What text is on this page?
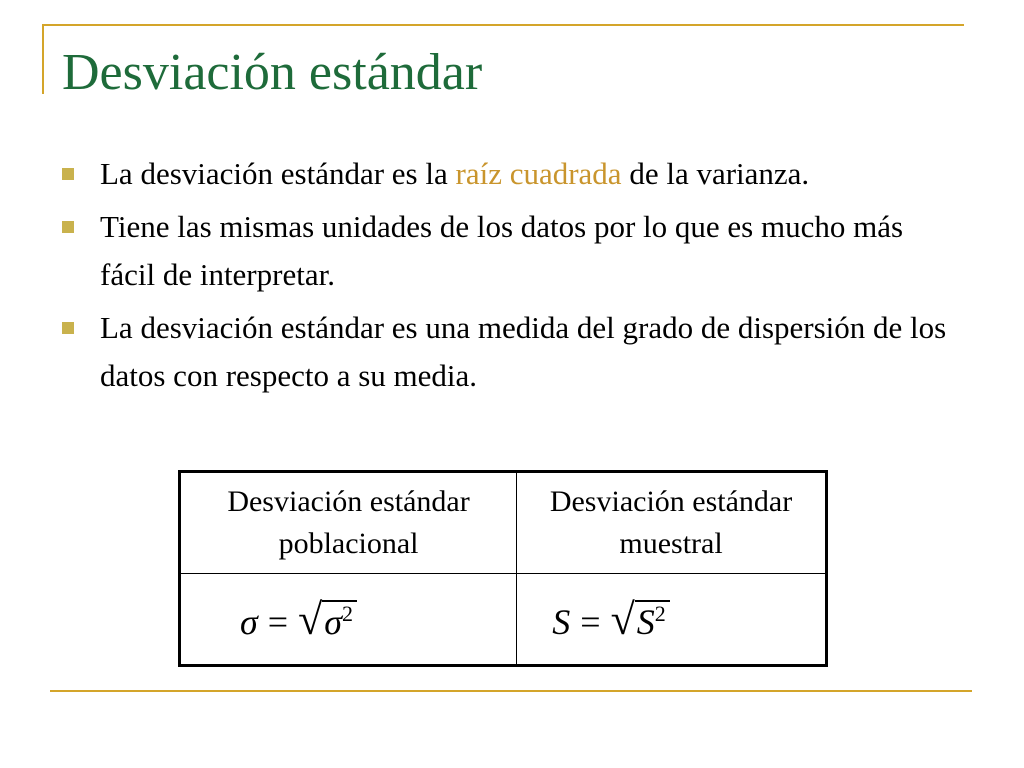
Desviación estándar
La desviación estándar es la raíz cuadrada de la varianza.
Tiene las mismas unidades de los datos por lo que es mucho más fácil de interpretar.
La desviación estándar es una medida del grado de dispersión de los datos con respecto a su media.
Desviación estándar poblacional	Desviación estándar muestral
$\sigma = √\sigma^2$	$S = √S^2$
